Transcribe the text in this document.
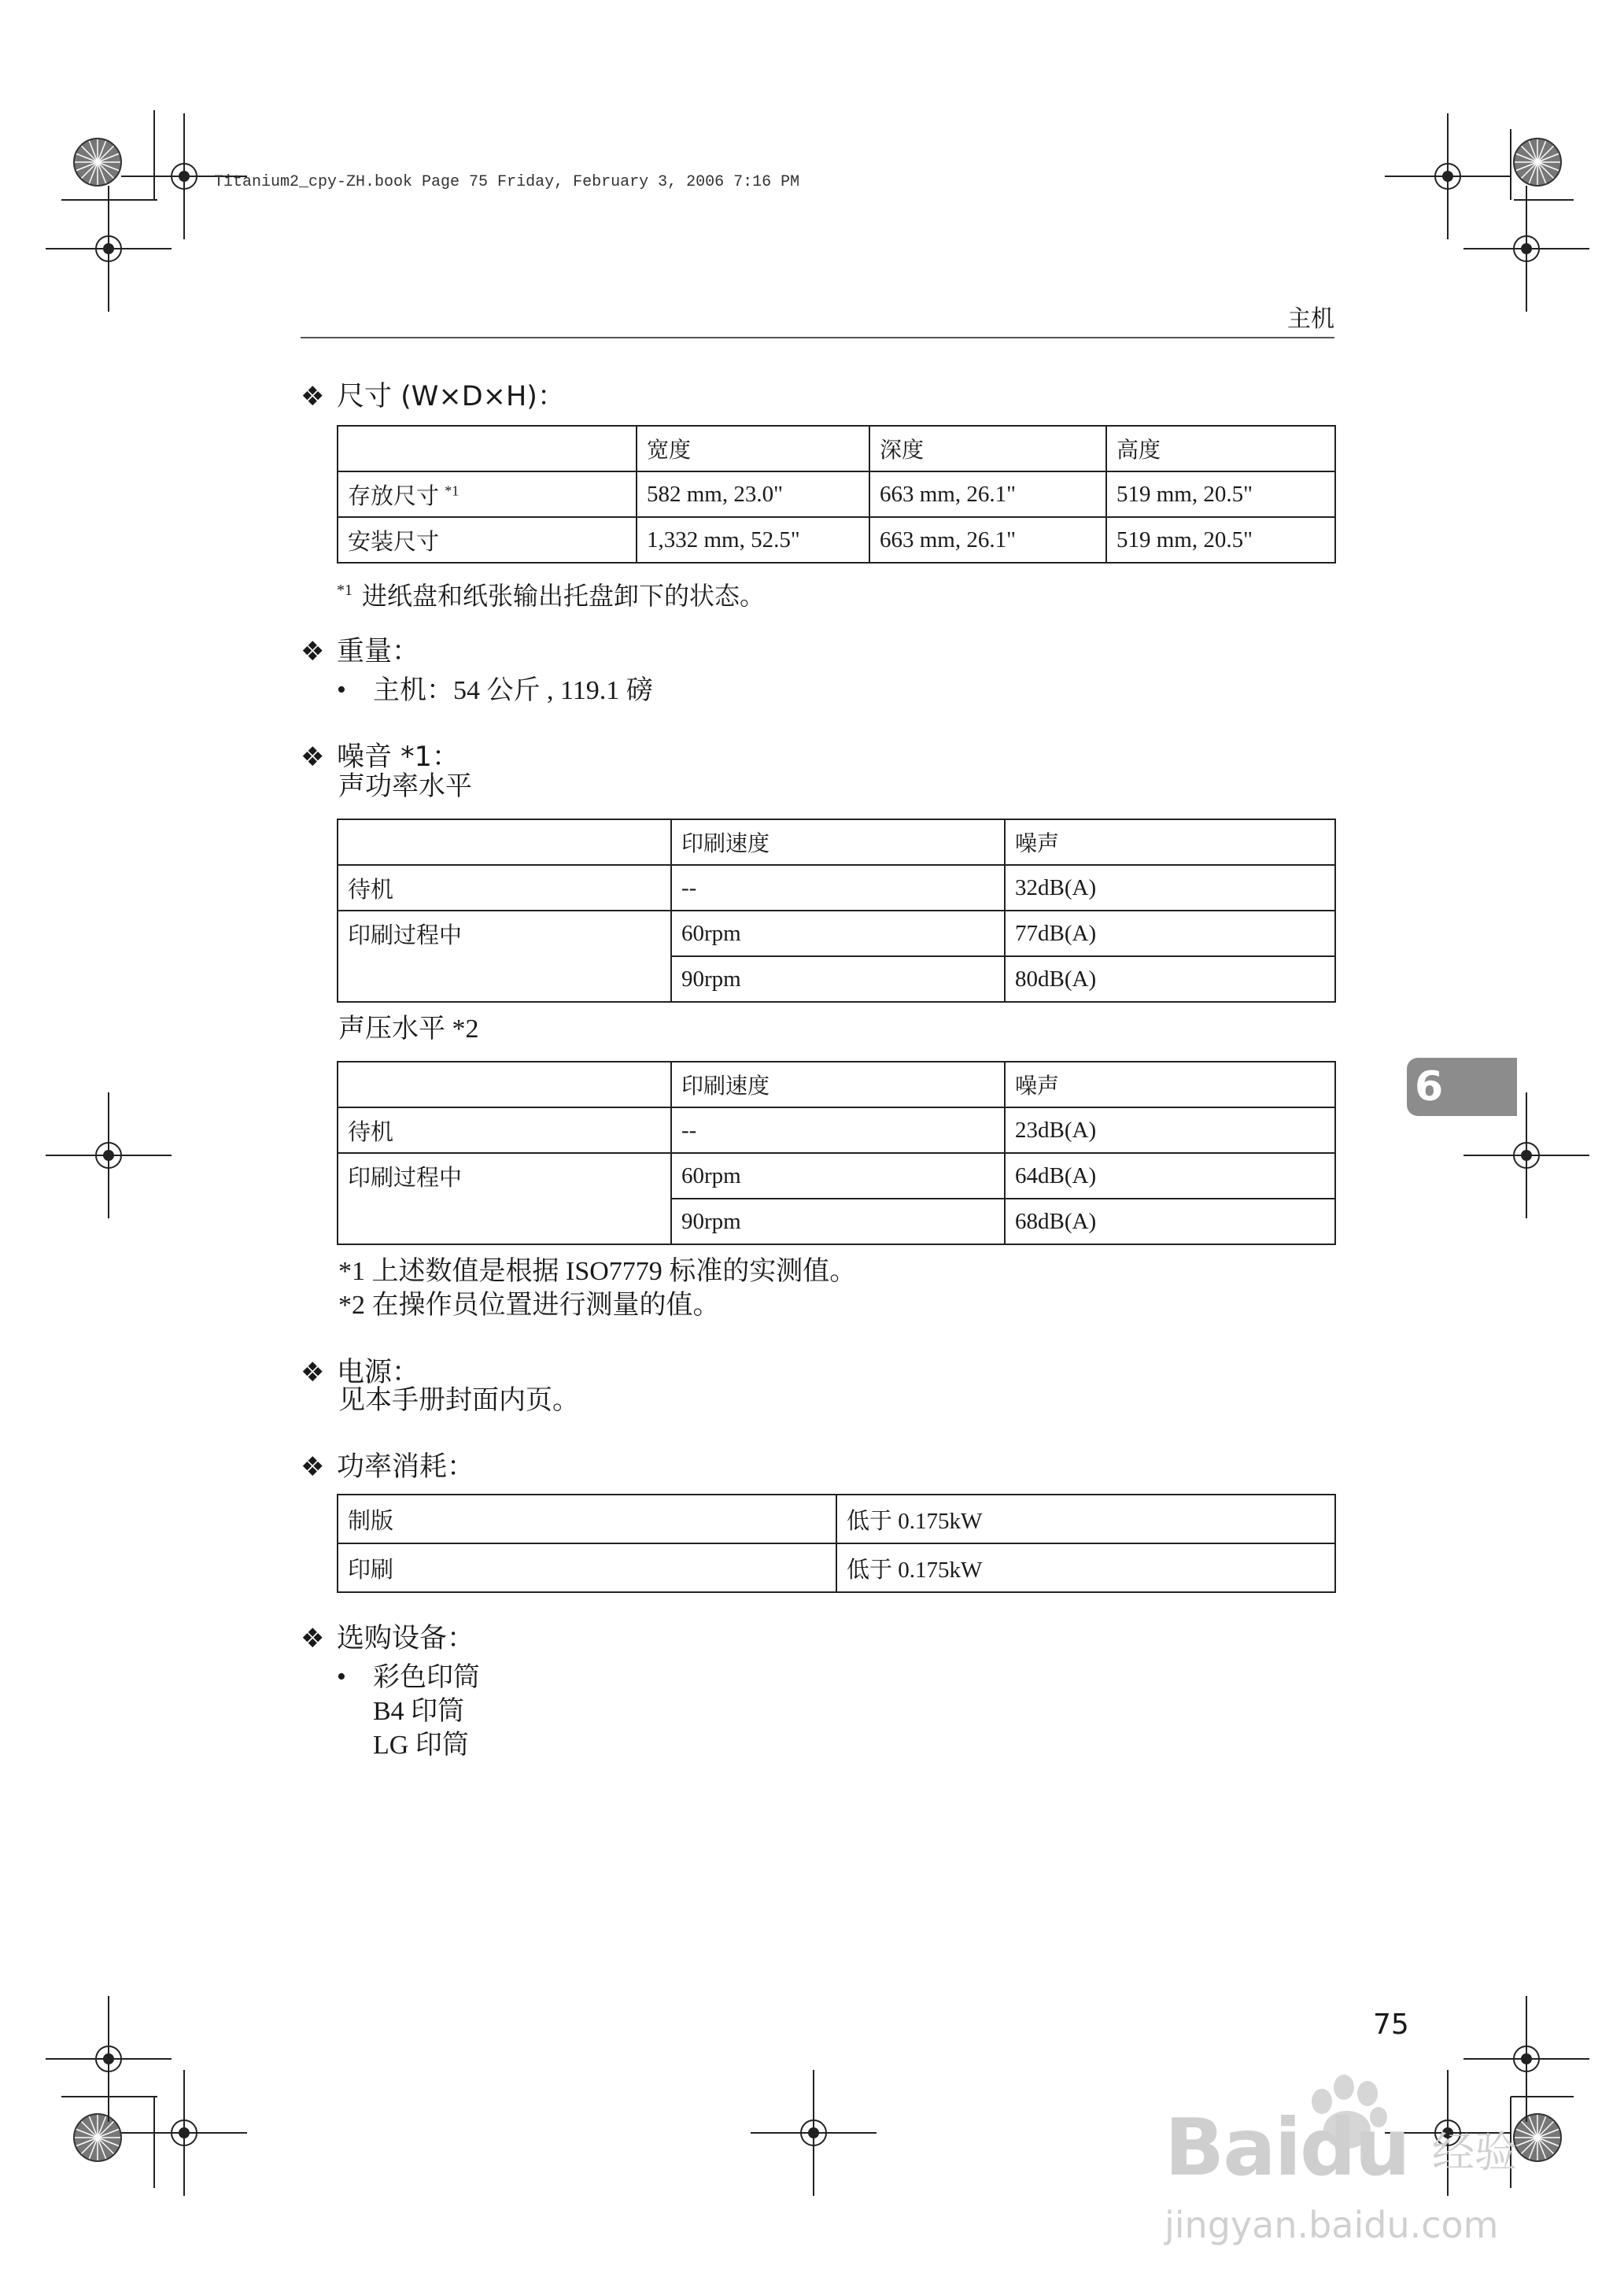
Titanium2_cpy-ZH.book Page 75 Friday, February 3, 2006 7:16 PM
主机
❖ 尺寸 (W×D×H)：
	宽度	深度	高度
存放尺寸 $^{*1}$	582 mm, 23.0"	663 mm, 26.1"	519 mm, 20.5"
安装尺寸	1,332 mm, 52.5"	663 mm, 26.1"	519 mm, 20.5"
$^{*1}$ 进纸盘和纸张输出托盘卸下的状态。
❖ 重量：
• 主机：54 公斤 , 119.1 磅
❖ 噪音 *1：
声功率水平
	印刷速度	噪声
待机	--	32dB(A)
印刷过程中	60rpm	77dB(A)
	90rpm	80dB(A)
声压水平 *2
	印刷速度	噪声
待机	--	23dB(A)
印刷过程中	60rpm	64dB(A)
	90rpm	68dB(A)
*1 上述数值是根据 ISO7779 标准的实测值。
*2 在操作员位置进行测量的值。
❖ 电源：
见本手册封面内页。
❖ 功率消耗：
制版	低于 0.175kW
印刷	低于 0.175kW
❖ 选购设备：
• 彩色印筒
B4 印筒
LG 印筒
6
75
Baidu 经验
jingyan.baidu.com
